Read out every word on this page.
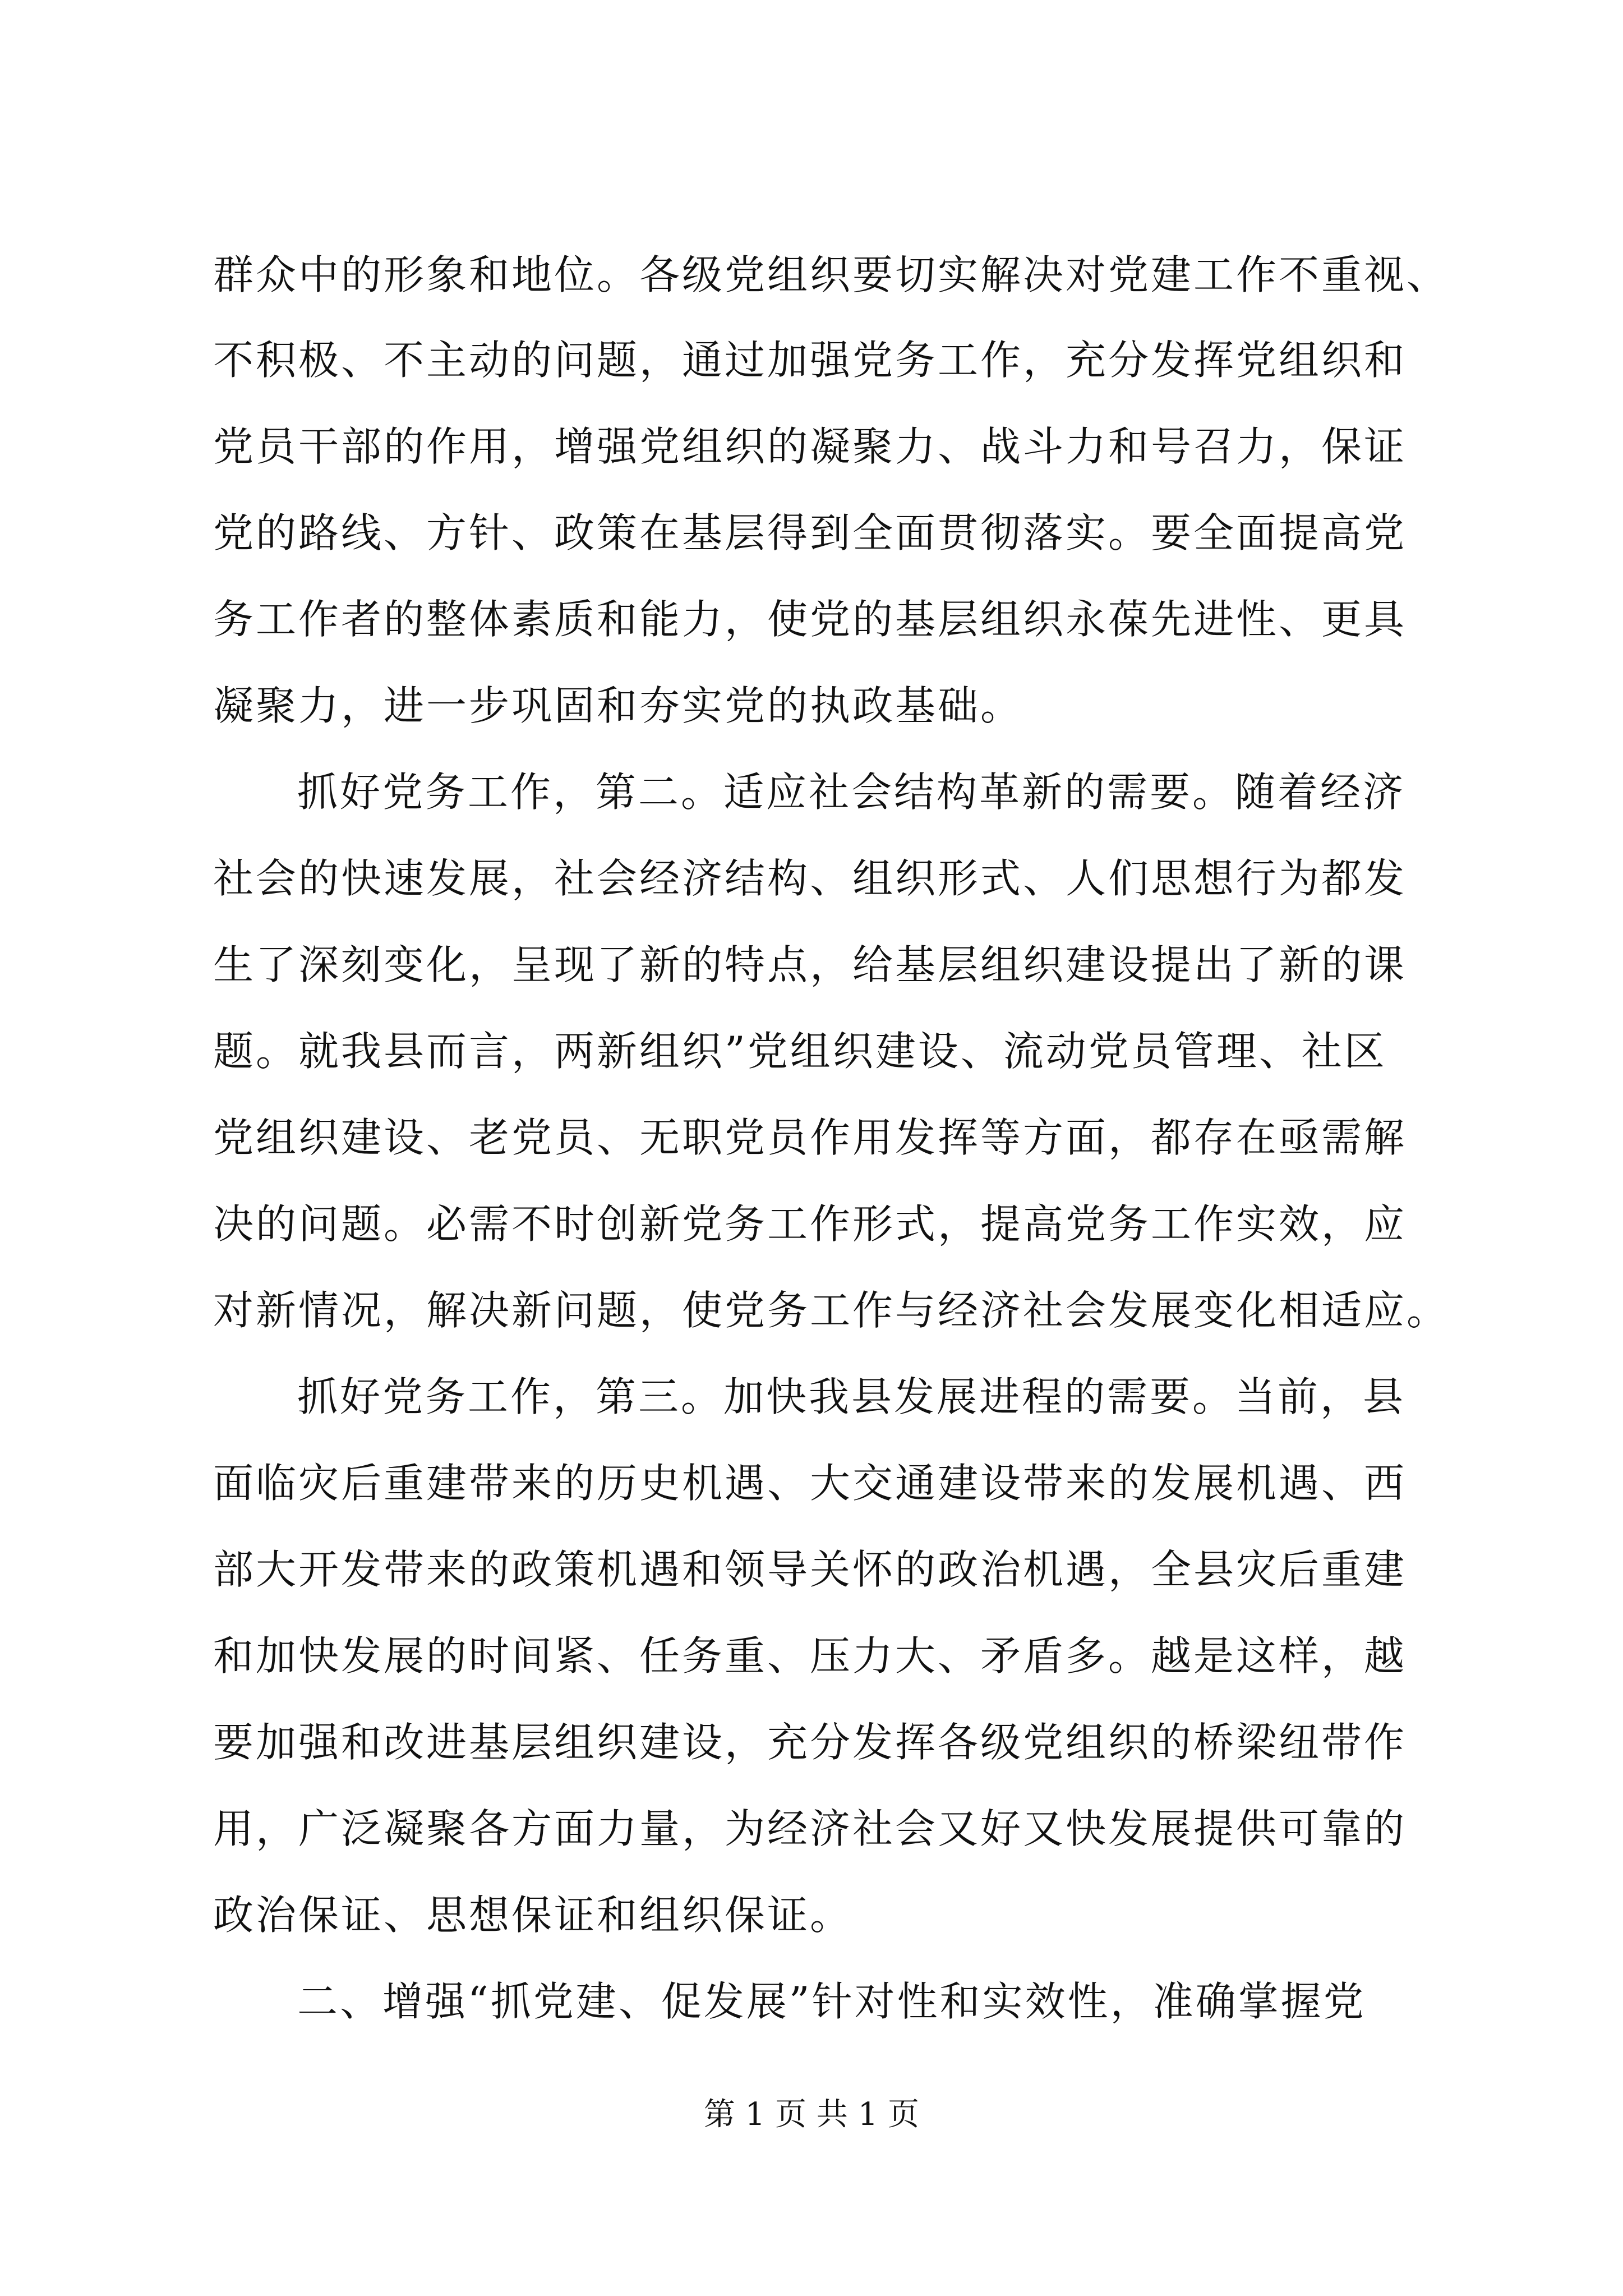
群众中的形象和地位。各级党组织要切实解决对党建工作不重视、
不积极、不主动的问题，通过加强党务工作，充分发挥党组织和
党员干部的作用，增强党组织的凝聚力、战斗力和号召力，保证
党的路线、方针、政策在基层得到全面贯彻落实。要全面提高党
务工作者的整体素质和能力，使党的基层组织永葆先进性、更具
凝聚力，进一步巩固和夯实党的执政基础。
抓好党务工作，第二。适应社会结构革新的需要。随着经济
社会的快速发展，社会经济结构、组织形式、人们思想行为都发
生了深刻变化，呈现了新的特点，给基层组织建设提出了新的课
题。就我县而言，两新组织”党组织建设、流动党员管理、社区
党组织建设、老党员、无职党员作用发挥等方面，都存在亟需解
决的问题。必需不时创新党务工作形式，提高党务工作实效，应
对新情况，解决新问题，使党务工作与经济社会发展变化相适应。
抓好党务工作，第三。加快我县发展进程的需要。当前，县
面临灾后重建带来的历史机遇、大交通建设带来的发展机遇、西
部大开发带来的政策机遇和领导关怀的政治机遇，全县灾后重建
和加快发展的时间紧、任务重、压力大、矛盾多。越是这样，越
要加强和改进基层组织建设，充分发挥各级党组织的桥梁纽带作
用，广泛凝聚各方面力量，为经济社会又好又快发展提供可靠的
政治保证、思想保证和组织保证。
二、增强“抓党建、促发展”针对性和实效性，准确掌握党
第 1 页 共 1 页
